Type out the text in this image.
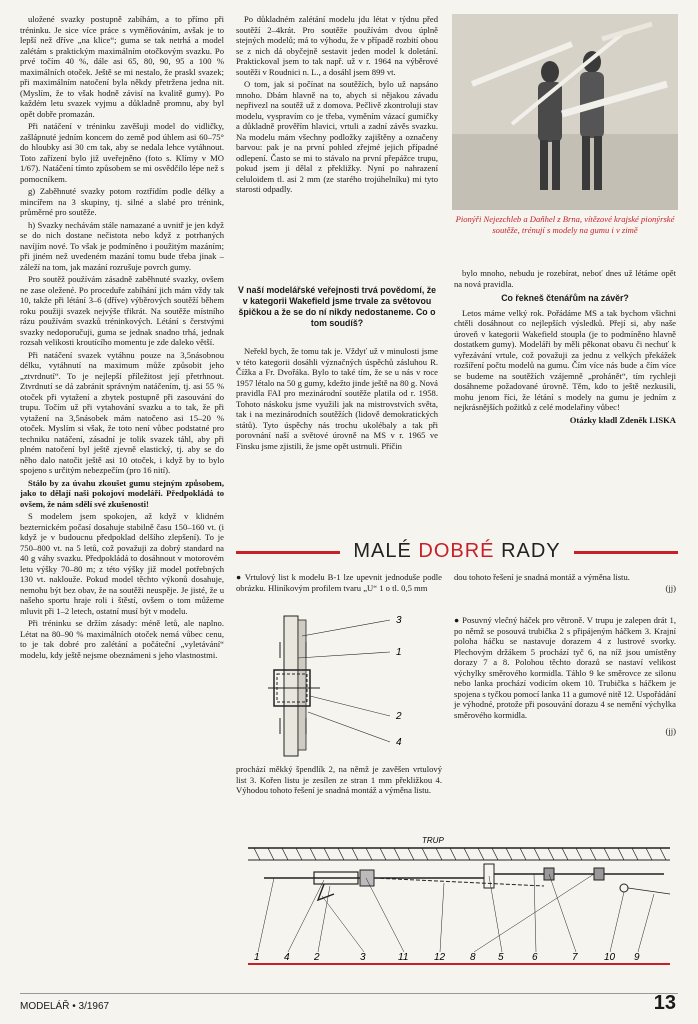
uložené svazky postupně zabíhám, a to přímo při tréninku. Je sice více práce s vyměňováním, avšak je to lepší než dříve „na klice“; guma se tak netrhá a model zalétám s praktickým maximálním otočkovým svazku. Po prvé točím 40 %, dále asi 65, 80, 90, 95 a 100 % maximálních otoček. Ještě se mi nestalo, že praskl svazek; při maximálním natočení byla někdy přetržena jedna nit. (Myslím, že to však hodně závisí na kvalitě gumy). Po každém letu svazek vyjmu a důkladně promnu, aby byl opět dobře promazán.

Při natáčení v tréninku zavěšuji model do vidličky, zašlápnuté jedním koncem do země pod úhlem asi 60–75° do hloubky asi 30 cm tak, aby se nedala lehce vytáhnout. Toto zařízení bylo již uveřejněno (foto s. Klímy v MO 1/67). Natáčení tímto způsobem se mi osvědčilo lépe než s pomocníkem.

g) Zaběhnuté svazky potom roztřídím podle délky a mincířem na 3 skupiny, tj. silné a slabé pro trénink, průměrné pro soutěže.

h) Svazky nechávám stále namazané a uvnitř je jen když se do nich dostane nečistota nebo když z potrhaných navíjím nové. To však je podmíněno i použitým mazáním; při jiném než uvedeném mazání tomu bude třeba jinak – záleží na tom, jak mazání rozrušuje povrch gumy.

Pro soutěž používám zásadně zaběhnuté svazky, ovšem ne zase oležené. Po proceduře zabíhání jich mám vždy tak 10, takže při létání 3–6 (dříve) výběrových soutěží během roku použiji svazek nejvýše třikrát. Na soutěže místního rázu používám svazků tréninkových. Létání s čerstvými svazky nedoporučuji, guma se jednak snadno trhá, jednak rozsah velikosti kroutícího momentu je zde daleko větší.

Při natáčení svazek vytáhnu pouze na 3,5násobnou délku, vytáhnutí na maximum může způsobit jeho „ztvrdnutí“. To je nejlepší příležitost její přetrhnout. Ztvrdnutí se dá zabránit správným natáčením, tj. asi 55 % otoček při vytažení a zbytek postupně při zasouvání do trupu. Točím už při vytahování svazku a to tak, že při vytažení na 3,5násobek mám natočeno asi 15–20 % otoček. Myslím si však, že toto není vůbec podstatné pro techniku natáčení, zásadní je tolik svazek táhl, aby při plném natočení byl ještě zjevně elastický, tj. aby se do něho dalo natočit ještě asi 10 otoček, i když by to bylo spojeno s určitým nebezpečím (pro 16 nití).

Stálo by za úvahu zkoušet gumu stejným způsobem, jako to dělají naši pokojoví modeláři. Předpokládá to ovšem, že nám sdělí své zkušenosti!

S modelem jsem spokojen, až když v klidném bezternickém počasí dosahuje stabilně času 150–160 vt. (i když je v budoucnu předpoklad delšího zlepšení). To je 750–800 vt. na 5 letů, což považuji za dobrý standard na 40 g váhy svazku. Předpokládá to dosáhnout v motorovém letu výšky 70–80 m; z této výšky již model potřebných 130 vt. naklouže. Pokud model těchto výkonů dosahuje, nemohu být bez obav, že na soutěži neuspěje. Je jisté, že u našeho sportu hraje roli i štěstí, ovšem o tom můžeme mluvit při 1–2 letech, ostatní musí být v modelu.

Při tréninku se držím zásady: méně letů, ale naplno. Létat na 80–90 % maximálních otoček nemá vůbec cenu, to je tak dobré pro zalétání a počáteční „vyletávání“ modelu, kdy ještě nejsme obeznámeni s jeho vlastnostmi.

Po důkladném zalétání modelu jdu létat v týdnu před soutěží 2–4krát. Pro soutěže používám dvou úplně stejných modelů; má to výhodu, že v případě rozbití obou se z nich dá obyčejně sestavit jeden model k doletání. Praktickoval jsem to tak např. už v r. 1964 na výběrové soutěži v Roudnici n. L., a dosáhl jsem 899 vt.

O tom, jak si počínat na soutěžích, bylo už napsáno mnoho. Dbám hlavně na to, abych si nějakou závadu nepřivezl na soutěž už z domova. Pečlivě zkontroluji stav modelu, vyspravím co je třeba, vyměním vázací gumičky a důkladně prověřím hlavici, vrtuli a zadní závěs svazku. Na modelu mám všechny podložky zajištěny a označeny barvou: pak je na první pohled zřejmé jejich případné odlepení. Často se mi to stávalo na první přepážce trupu, pokud jsem ji dělal z překližky. Nyní po nahrazení celuloidem tl. asi 2 mm (ze starého trojúhelníku) mi tyto starosti odpadly.

V naší modelářské veřejnosti trvá povědomí, že v kategorii Wakefield jsme trvale za světovou špičkou a že se do ní nikdy nedostaneme. Co o tom soudíš?

Neřekl bych, že tomu tak je. Vždyť už v minulosti jsme v této kategorii dosáhli význačných úspěchů zásluhou R. Čížka a Fr. Dvořáka. Bylo to také tím, že se u nás v roce 1957 létalo na 50 g gumy, kdežto jinde ještě na 80 g. Nová pravidla FAI pro mezinárodní soutěže platila od r. 1958. Tohoto náskoku jsme využili jak na mistrovstvích světa, tak i na mezinárodních soutěžích (lidově demokratických států). Tyto úspěchy nás trochu ukolébaly a tak při porovnání naší a světové úrovně na MS v r. 1965 ve Finsku jsme zjistili, že jsme opět ustrnuli. Příčin

Pionýři Nejezchleb a Daňhel z Brna, vítězové krajské pionýrské soutěže, trénují s modely na gumu i v zimě

bylo mnoho, nebudu je rozebírat, neboť dnes už létáme opět na nová pravidla.

Co řekneš čtenářům na závěr?

Letos máme velký rok. Pořádáme MS a tak bychom všichni chtěli dosáhnout co nejlepších výsledků. Přejí si, aby naše úroveň v kategorii Wakefield stoupla (je to podmíněno hlavně dostatkem gumy). Modeláři by měli pěkonat obavu či nechuť k vyřezávání vrtule, což považuji za jednu z velkých překážek rozšíření počtu modelů na gumu. Čím více nás bude a čím více se budeme na soutěžích vzájemně „prohánět“, tím rychleji dosáhneme požadované úrovně. Těm, kdo to ještě nezkusili, mohu jenom říci, že létání s modely na gumu je jedním z nejkrásnějších požitků z celé modelařiny vůbec!

Otázky kladl Zdeněk LISKA
MALÉ DOBRÉ RADY
● Vrtulový list k modelu B-1 lze upevnit jednoduše podle obrázku. Hliníkovým profilem tvaru „U“ 1 o tl. 0,5 mm
3
1
2
4
prochází měkký špendlík 2, na němž je zavěšen vrtulový list 3. Kořen listu je zesílen ze stran 1 mm překližkou 4. Výhodou tohoto řešení je snadná montáž a výměna listu.
dou tohoto řešení je snadná montáž a výměna listu.
(jj)
● Posuvný vlečný háček pro větroně. V trupu je zalepen drát 1, po němž se posouvá trubička 2 s připájeným háčkem 3. Krajní poloha háčku se nastavuje dorazem 4 z lustrové svorky. Plechovým držákem 5 prochází tyč 6, na níž jsou umístěny dorazy 7 a 8. Polohou těchto dorazů se nastaví velikost výchylky směrového kormidla. Táhlo 9 ke směrovce ze silonu nebo lanka prochází vodicím okem 10. Trubička s háčkem je spojena s tyčkou pomocí lanka 11 a gumové nitě 12. Uspořádání je výhodné, protože při posouvání dorazu 4 se nemění výchylka směrového kormidla.
(jj)
TRUP
1 4 2	3	11	12 8 5	6	7	10 9
MODELÁŘ • 3/1967	13
